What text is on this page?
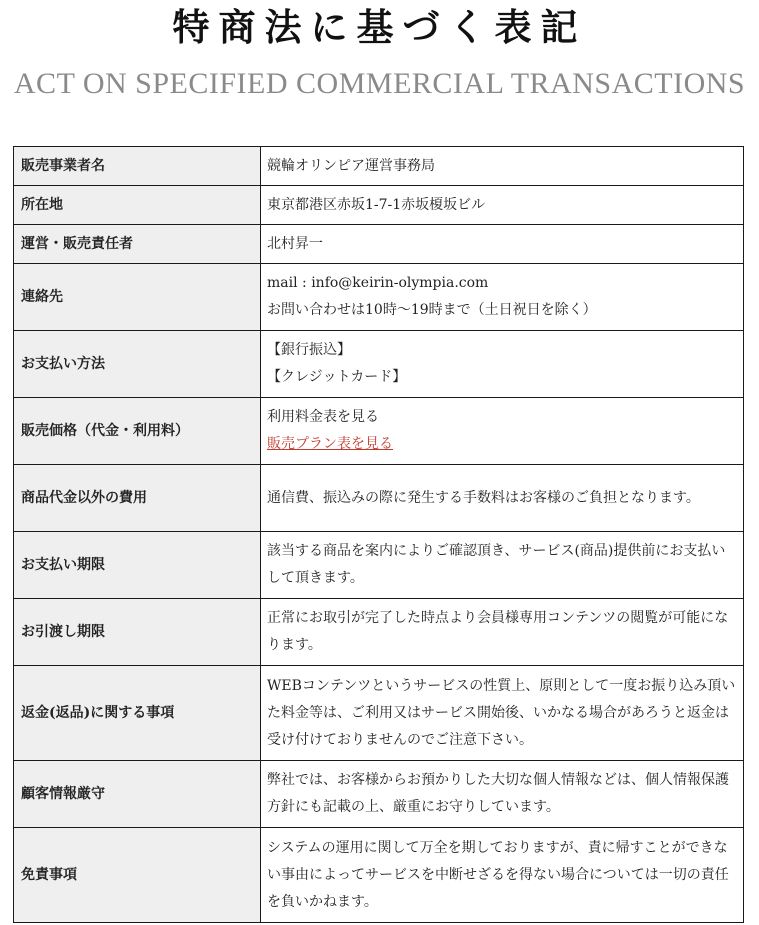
特商法に基づく表記
ACT ON SPECIFIED COMMERCIAL TRANSACTIONS
販売事業者名	競輪オリンピア運営事務局

所在地	東京都港区赤坂1-7-1赤坂榎坂ビル

運営・販売責任者	北村昇一

連絡先	mail : info@keirin-olympia.com
お問い合わせは10時～19時まで（土日祝日を除く）

お支払い方法	【銀行振込】
【クレジットカード】

販売価格（代金・利用料）	利用料金表を見る
販売プラン表を見る

商品代金以外の費用	通信費、振込みの際に発生する手数料はお客様のご負担となります。

お支払い期限	該当する商品を案内によりご確認頂き、サービス(商品)提供前にお支払いして頂きます。

お引渡し期限	正常にお取引が完了した時点より会員様専用コンテンツの閲覧が可能になります。

返金(返品)に関する事項	WEBコンテンツというサービスの性質上、原則として一度お振り込み頂いた料金等は、ご利用又はサービス開始後、いかなる場合があろうと返金は受け付けておりませんのでご注意下さい。

顧客情報厳守	弊社では、お客様からお預かりした大切な個人情報などは、個人情報保護方針にも記載の上、厳重にお守りしています。

免責事項	システムの運用に関して万全を期しておりますが、責に帰すことができない事由によってサービスを中断せざるを得ない場合については一切の責任を負いかねます。
